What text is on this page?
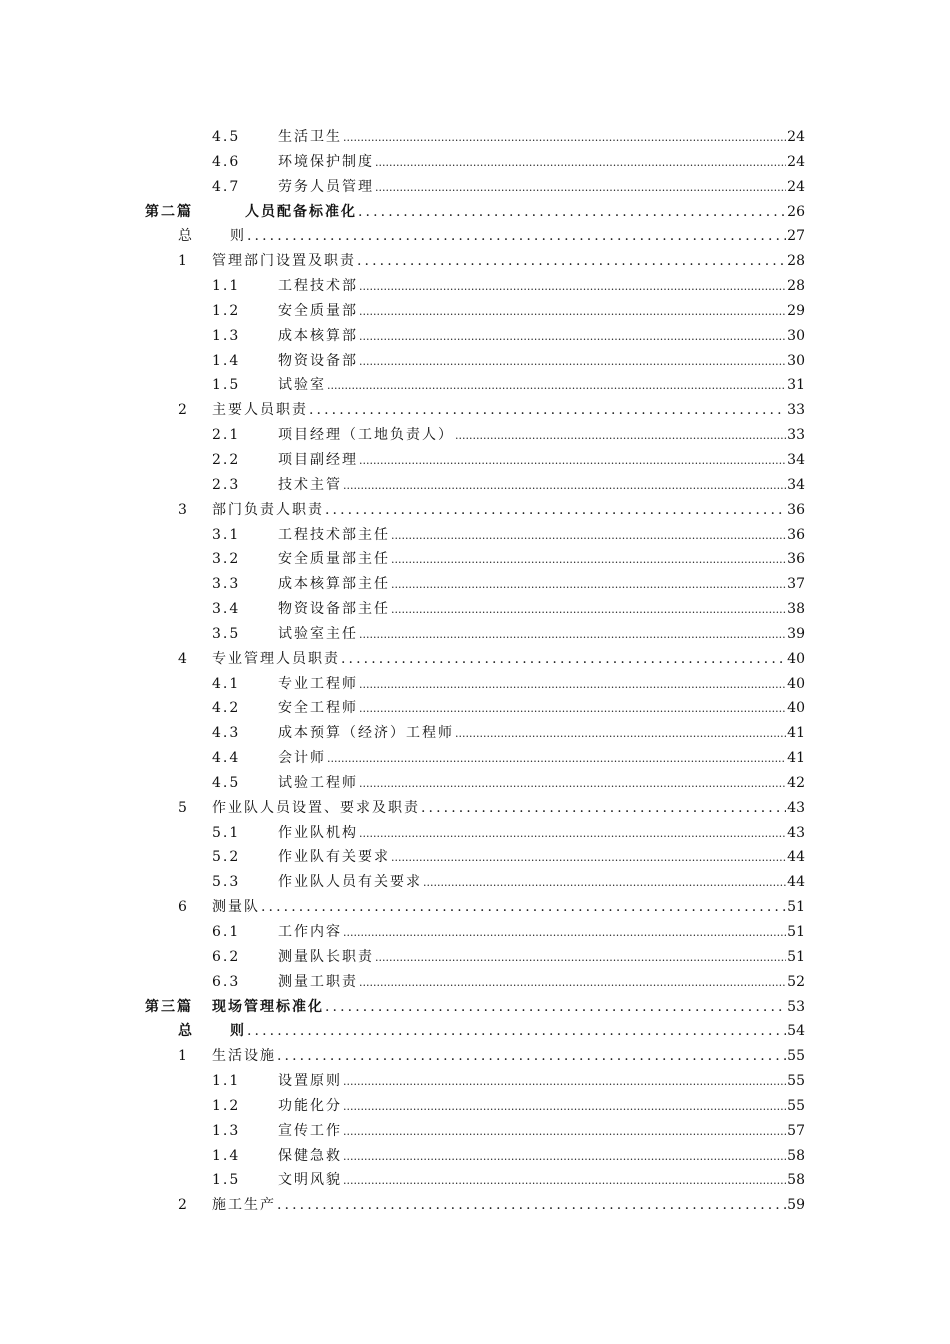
4.5	生活卫生 .....	24
4.6	环境保护制度 .....	24
4.7	劳务人员管理 .....	24
第二篇	人员配备标准化 .....	26
总	则 .....	27
1 管理部门设置及职责 .....	28
1.1	工程技术部 .....	28
1.2	安全质量部 .....	29
1.3	成本核算部 .....	30
1.4	物资设备部 .....	30
1.5	试验室 .....	31
2 主要人员职责 .....	33
2.1	项目经理（工地负责人） .....	33
2.2	项目副经理 .....	34
2.3	技术主管 .....	34
3 部门负责人职责 .....	36
3.1	工程技术部主任 .....	36
3.2	安全质量部主任 .....	36
3.3	成本核算部主任 .....	37
3.4	物资设备部主任 .....	38
3.5	试验室主任 .....	39
4 专业管理人员职责 .....	40
4.1	专业工程师 .....	40
4.2	安全工程师 .....	40
4.3	成本预算（经济）工程师 .....	41
4.4	会计师 .....	41
4.5	试验工程师 .....	42
5 作业队人员设置、要求及职责 .....	43
5.1	作业队机构 .....	43
5.2	作业队有关要求 .....	44
5.3	作业队人员有关要求 .....	44
6 测量队 .....	51
6.1	工作内容 .....	51
6.2	测量队长职责 .....	51
6.3	测量工职责 .....	52
第三篇 现场管理标准化 .....	53
总	则 .....	54
1 生活设施 .....	55
1.1	设置原则 .....	55
1.2	功能化分 .....	55
1.3	宣传工作 .....	57
1.4	保健急救 .....	58
1.5	文明风貌 .....	58
2 施工生产 .....	59
